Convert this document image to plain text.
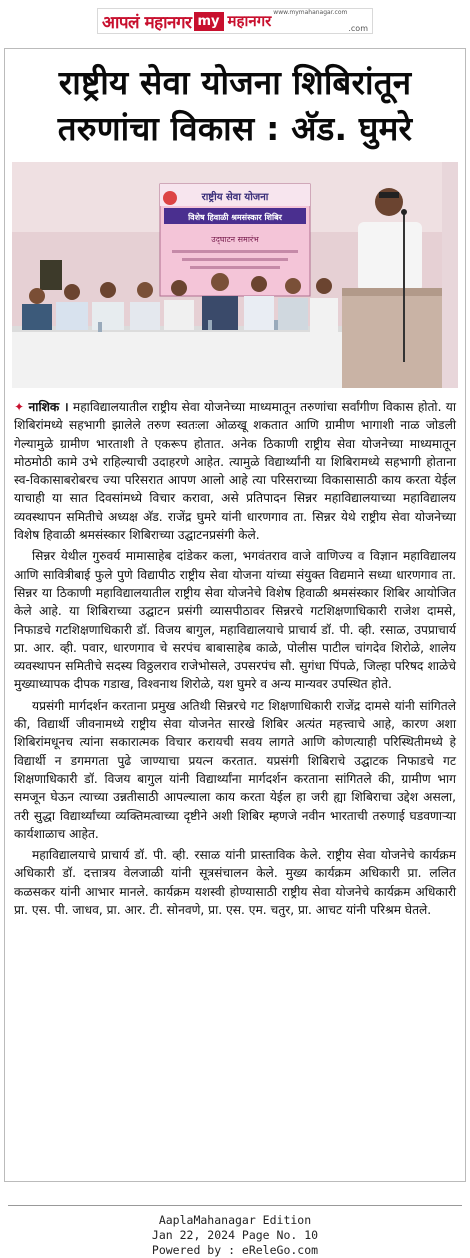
आपलं महानगर my महानगर www.mymahanagar.com
.com
राष्ट्रीय सेवा योजना शिबिरांतून तरुणांचा विकास : अ‍ॅड. घुमरे
राष्ट्रीय सेवा योजना
विशेष हिवाळी श्रमसंस्कार शिबिर
उद्‌घाटन समारंभ

✦ नाशिक । महाविद्यालयातील राष्ट्रीय सेवा योजनेच्या माध्यमातून तरुणांचा सर्वांगीण विकास होतो. या शिबिरांमध्ये सहभागी झालेले तरुण स्वतःला ओळखू शकतात आणि ग्रामीण भागाशी नाळ जोडली गेल्यामुळे ग्रामीण भारताशी ते एकरूप होतात. अनेक ठिकाणी राष्ट्रीय सेवा योजनेच्या माध्यमातून मोठमोठी कामे उभे राहिल्याची उदाहरणे आहेत. त्यामुळे विद्यार्थ्यांनी या शिबिरामध्ये सहभागी होताना स्व-विकासाबरोबरच ज्या परिसरात आपण आलो आहे त्या परिसराच्या विकासासाठी काय करता येईल याचाही या सात दिवसांमध्ये विचार करावा, असे प्रतिपादन सिन्नर महाविद्यालयाच्या महाविद्यालय व्यवस्थापन समितीचे अध्यक्ष अ‍ॅड. राजेंद्र घुमरे यांनी धारणगाव ता. सिन्नर येथे राष्ट्रीय सेवा योजनेच्या विशेष हिवाळी श्रमसंस्कार शिबिराच्या उद्घाटनप्रसंगी केले.

सिन्नर येथील गुरुवर्य मामासाहेब दांडेकर कला, भगवंतराव वाजे वाणिज्य व विज्ञान महाविद्यालय आणि सावित्रीबाई फुले पुणे विद्यापीठ राष्ट्रीय सेवा योजना यांच्या संयुक्त विद्यमाने सध्या धारणगाव ता. सिन्नर या ठिकाणी महाविद्यालयातील राष्ट्रीय सेवा योजनेचे विशेष हिवाळी श्रमसंस्कार शिबिर आयोजित केले आहे. या शिबिराच्या उद्घाटन प्रसंगी व्यासपीठावर सिन्नरचे गटशिक्षणाधिकारी राजेश दामसे, निफाडचे गटशिक्षणाधिकारी डॉ. विजय बागुल, महाविद्यालयाचे प्राचार्य डॉ. पी. व्ही. रसाळ, उपप्राचार्य प्रा. आर. व्ही. पवार, धारणगाव चे सरपंच बाबासाहेब काळे, पोलीस पाटील चांगदेव शिरोळे, शालेय व्यवस्थापन समितीचे सदस्य विठ्ठलराव राजेभोसले, उपसरपंच सौ. सुगंधा पिंपळे, जिल्हा परिषद शाळेचे मुख्याध्यापक दीपक गडाख, विश्वनाथ शिरोळे, यश घुमरे व अन्य मान्यवर उपस्थित होते.

यप्रसंगी मार्गदर्शन करताना प्रमुख अतिथी सिन्नरचे गट शिक्षणाधिकारी राजेंद्र दामसे यांनी सांगितले की, विद्यार्थी जीवनामध्ये राष्ट्रीय सेवा योजनेत सारखे शिबिर अत्यंत महत्त्वाचे आहे, कारण अशा शिबिरांमधूनच त्यांना सकारात्मक विचार करायची सवय लागते आणि कोणत्याही परिस्थितीमध्ये हे विद्यार्थी न डगमगता पुढे जाण्याचा प्रयत्न करतात. यप्रसंगी शिबिराचे उद्घाटक निफाडचे गट शिक्षणाधिकारी डॉ. विजय बागुल यांनी विद्यार्थ्यांना मार्गदर्शन करताना सांगितले की, ग्रामीण भाग समजून घेऊन त्याच्या उन्नतीसाठी आपल्याला काय करता येईल हा जरी ह्या शिबिराचा उद्देश असला, तरी सुद्धा विद्यार्थ्यांच्या व्यक्तिमत्वाच्या दृष्टीने अशी शिबिर म्हणजे नवीन भारताची तरुणाई घडवणाऱ्या कार्यशाळाच आहेत.

महाविद्यालयाचे प्राचार्य डॉ. पी. व्ही. रसाळ यांनी प्रास्ताविक केले. राष्ट्रीय सेवा योजनेचे कार्यक्रम अधिकारी डॉ. दत्तात्रय वेलजाळी यांनी सूत्रसंचालन केले. मुख्य कार्यक्रम अधिकारी प्रा. ललित कळसकर यांनी आभार मानले. कार्यक्रम यशस्वी होण्यासाठी राष्ट्रीय सेवा योजनेचे कार्यक्रम अधिकारी प्रा. एस. पी. जाधव, प्रा. आर. टी. सोनवणे, प्रा. एस. एम. चतुर, प्रा. आचट यांनी परिश्रम घेतले.

AaplaMahanagar Edition
Jan 22, 2024 Page No. 10
Powered by : eReleGo.com
